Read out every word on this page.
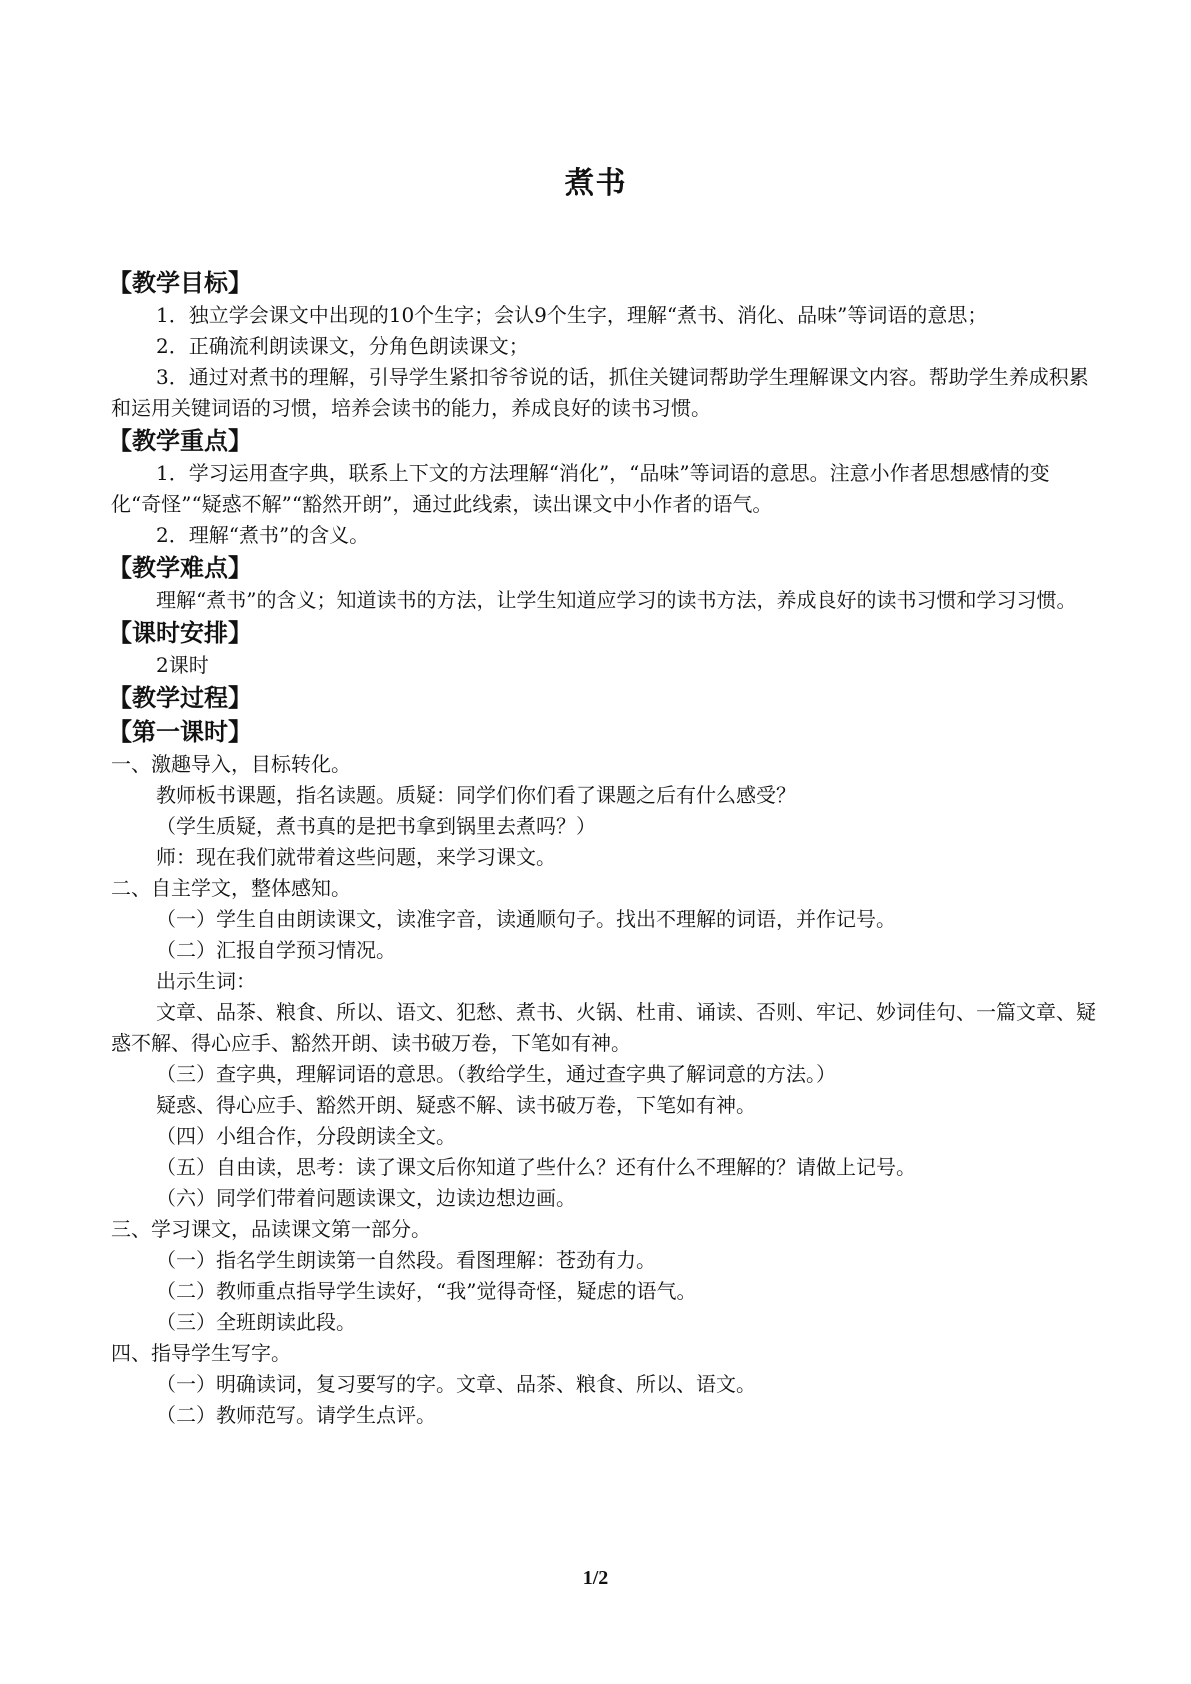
煮书
【教学目标】
1．独立学会课文中出现的10个生字；会认9个生字，理解“煮书、消化、品味”等词语的意思；
2．正确流利朗读课文，分角色朗读课文；
3．通过对煮书的理解，引导学生紧扣爷爷说的话，抓住关键词帮助学生理解课文内容。帮助学生养成积累和运用关键词语的习惯，培养会读书的能力，养成良好的读书习惯。
【教学重点】
1．学习运用查字典，联系上下文的方法理解“消化”，“品味”等词语的意思。注意小作者思想感情的变化“奇怪”“疑惑不解”“豁然开朗”，通过此线索，读出课文中小作者的语气。
2．理解“煮书”的含义。
【教学难点】
理解“煮书”的含义；知道读书的方法，让学生知道应学习的读书方法，养成良好的读书习惯和学习习惯。
【课时安排】
2课时
【教学过程】
【第一课时】
一、激趣导入，目标转化。
教师板书课题，指名读题。质疑：同学们你们看了课题之后有什么感受？
（学生质疑，煮书真的是把书拿到锅里去煮吗？）
师：现在我们就带着这些问题，来学习课文。
二、自主学文，整体感知。
（一）学生自由朗读课文，读准字音，读通顺句子。找出不理解的词语，并作记号。
（二）汇报自学预习情况。
出示生词：
文章、品茶、粮食、所以、语文、犯愁、煮书、火锅、杜甫、诵读、否则、牢记、妙词佳句、一篇文章、疑惑不解、得心应手、豁然开朗、读书破万卷，下笔如有神。
（三）查字典，理解词语的意思。（教给学生，通过查字典了解词意的方法。）
疑惑、得心应手、豁然开朗、疑惑不解、读书破万卷，下笔如有神。
（四）小组合作，分段朗读全文。
（五）自由读，思考：读了课文后你知道了些什么？还有什么不理解的？请做上记号。
（六）同学们带着问题读课文，边读边想边画。
三、学习课文，品读课文第一部分。
（一）指名学生朗读第一自然段。看图理解：苍劲有力。
（二）教师重点指导学生读好，“我”觉得奇怪，疑虑的语气。
（三）全班朗读此段。
四、指导学生写字。
（一）明确读词，复习要写的字。文章、品茶、粮食、所以、语文。
（二）教师范写。请学生点评。
1/2
